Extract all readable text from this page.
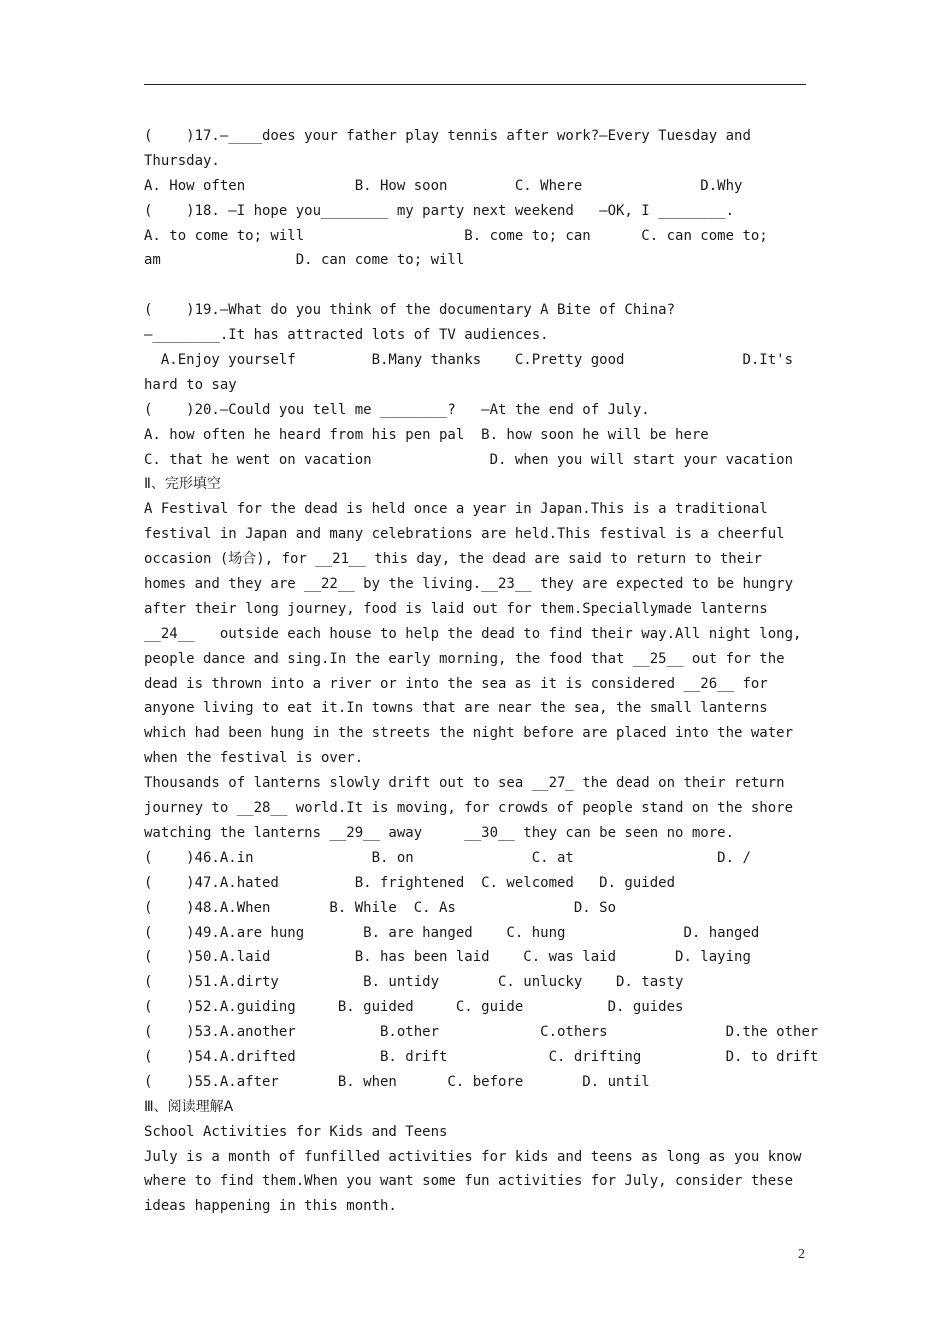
(    )17.—____does your father play tennis after work?—Every Tuesday and
Thursday.
A. How often             B. How soon        C. Where              D.Why
(    )18. —I hope you________ my party next weekend   —OK, I ________.
A. to come to; will                   B. come to; can      C. can come to;
am                D. can come to; will
(    )19.—What do you think of the documentary A Bite of China?
—________.It has attracted lots of TV audiences.
A.Enjoy yourself         B.Many thanks    C.Pretty good              D.It's
hard to say
(    )20.—Could you tell me ________?   —At the end of July.
A. how often he heard from his pen pal  B. how soon he will be here
C. that he went on vacation              D. when you will start your vacation
Ⅱ、完形填空
A Festival for the dead is held once a year in Japan.This is a traditional
festival in Japan and many celebrations are held.This festival is a cheerful
occasion (场合), for __21__ this day, the dead are said to return to their
homes and they are __22__ by the living.__23__ they are expected to be hungry
after their long journey, food is laid out for them.Speciallymade lanterns
__24__   outside each house to help the dead to find their way.All night long,
people dance and sing.In the early morning, the food that __25__ out for the
dead is thrown into a river or into the sea as it is considered __26__ for
anyone living to eat it.In towns that are near the sea, the small lanterns
which had been hung in the streets the night before are placed into the water
when the festival is over.
Thousands of lanterns slowly drift out to sea __27_ the dead on their return
journey to __28__ world.It is moving, for crowds of people stand on the shore
watching the lanterns __29__ away     __30__ they can be seen no more.
(    )46.A.in              B. on              C. at                 D. /
(    )47.A.hated         B. frightened  C. welcomed   D. guided
(    )48.A.When       B. While  C. As              D. So
(    )49.A.are hung       B. are hanged    C. hung              D. hanged
(    )50.A.laid          B. has been laid    C. was laid       D. laying
(    )51.A.dirty          B. untidy       C. unlucky    D. tasty
(    )52.A.guiding     B. guided     C. guide          D. guides
(    )53.A.another          B.other            C.others              D.the other
(    )54.A.drifted          B. drift            C. drifting          D. to drift
(    )55.A.after       B. when      C. before       D. until
Ⅲ、阅读理解A
School Activities for Kids and Teens
July is a month of funfilled activities for kids and teens as long as you know
where to find them.When you want some fun activities for July, consider these
ideas happening in this month.
2
